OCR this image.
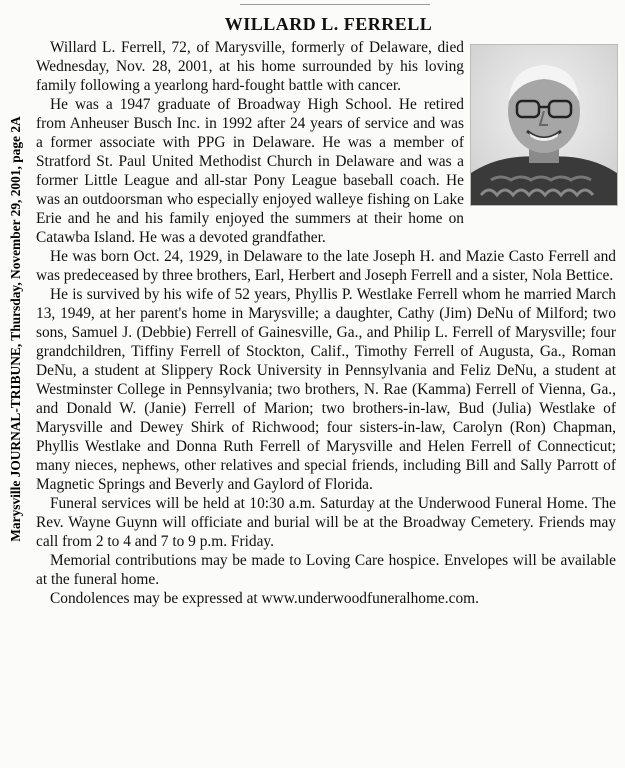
Marysville JOURNAL-TRIBUNE, Thursday, November 29, 2001, page 2A
WILLARD L. FERRELL

Willard L. Ferrell, 72, of Marysville, formerly of Delaware, died Wednesday, Nov. 28, 2001, at his home surrounded by his loving family following a yearlong hard-fought battle with cancer.

He was a 1947 graduate of Broadway High School. He retired from Anheuser Busch Inc. in 1992 after 24 years of service and was a former associate with PPG in Delaware. He was a member of Stratford St. Paul United Methodist Church in Delaware and was a former Little League and all-star Pony League baseball coach. He was an outdoorsman who especially enjoyed walleye fishing on Lake Erie and he and his family enjoyed the summers at their home on Catawba Island. He was a devoted grandfather.

He was born Oct. 24, 1929, in Delaware to the late Joseph H. and Mazie Casto Ferrell and was predeceased by three brothers, Earl, Herbert and Joseph Ferrell and a sister, Nola Bettice.

He is survived by his wife of 52 years, Phyllis P. Westlake Ferrell whom he married March 13, 1949, at her parent's home in Marysville; a daughter, Cathy (Jim) DeNu of Milford; two sons, Samuel J. (Debbie) Ferrell of Gainesville, Ga., and Philip L. Ferrell of Marysville; four grandchildren, Tiffiny Ferrell of Stockton, Calif., Timothy Ferrell of Augusta, Ga., Roman DeNu, a student at Slippery Rock University in Pennsylvania and Feliz DeNu, a student at Westminster College in Pennsylvania; two brothers, N. Rae (Kamma) Ferrell of Vienna, Ga., and Donald W. (Janie) Ferrell of Marion; two brothers-in-law, Bud (Julia) Westlake of Marysville and Dewey Shirk of Richwood; four sisters-in-law, Carolyn (Ron) Chapman, Phyllis Westlake and Donna Ruth Ferrell of Marysville and Helen Ferrell of Connecticut; many nieces, nephews, other relatives and special friends, including Bill and Sally Parrott of Magnetic Springs and Beverly and Gaylord of Florida.

Funeral services will be held at 10:30 a.m. Saturday at the Underwood Funeral Home. The Rev. Wayne Guynn will officiate and burial will be at the Broadway Cemetery. Friends may call from 2 to 4 and 7 to 9 p.m. Friday.

Memorial contributions may be made to Loving Care hospice. Envelopes will be available at the funeral home.

Condolences may be expressed at www.underwoodfuneralhome.com.
